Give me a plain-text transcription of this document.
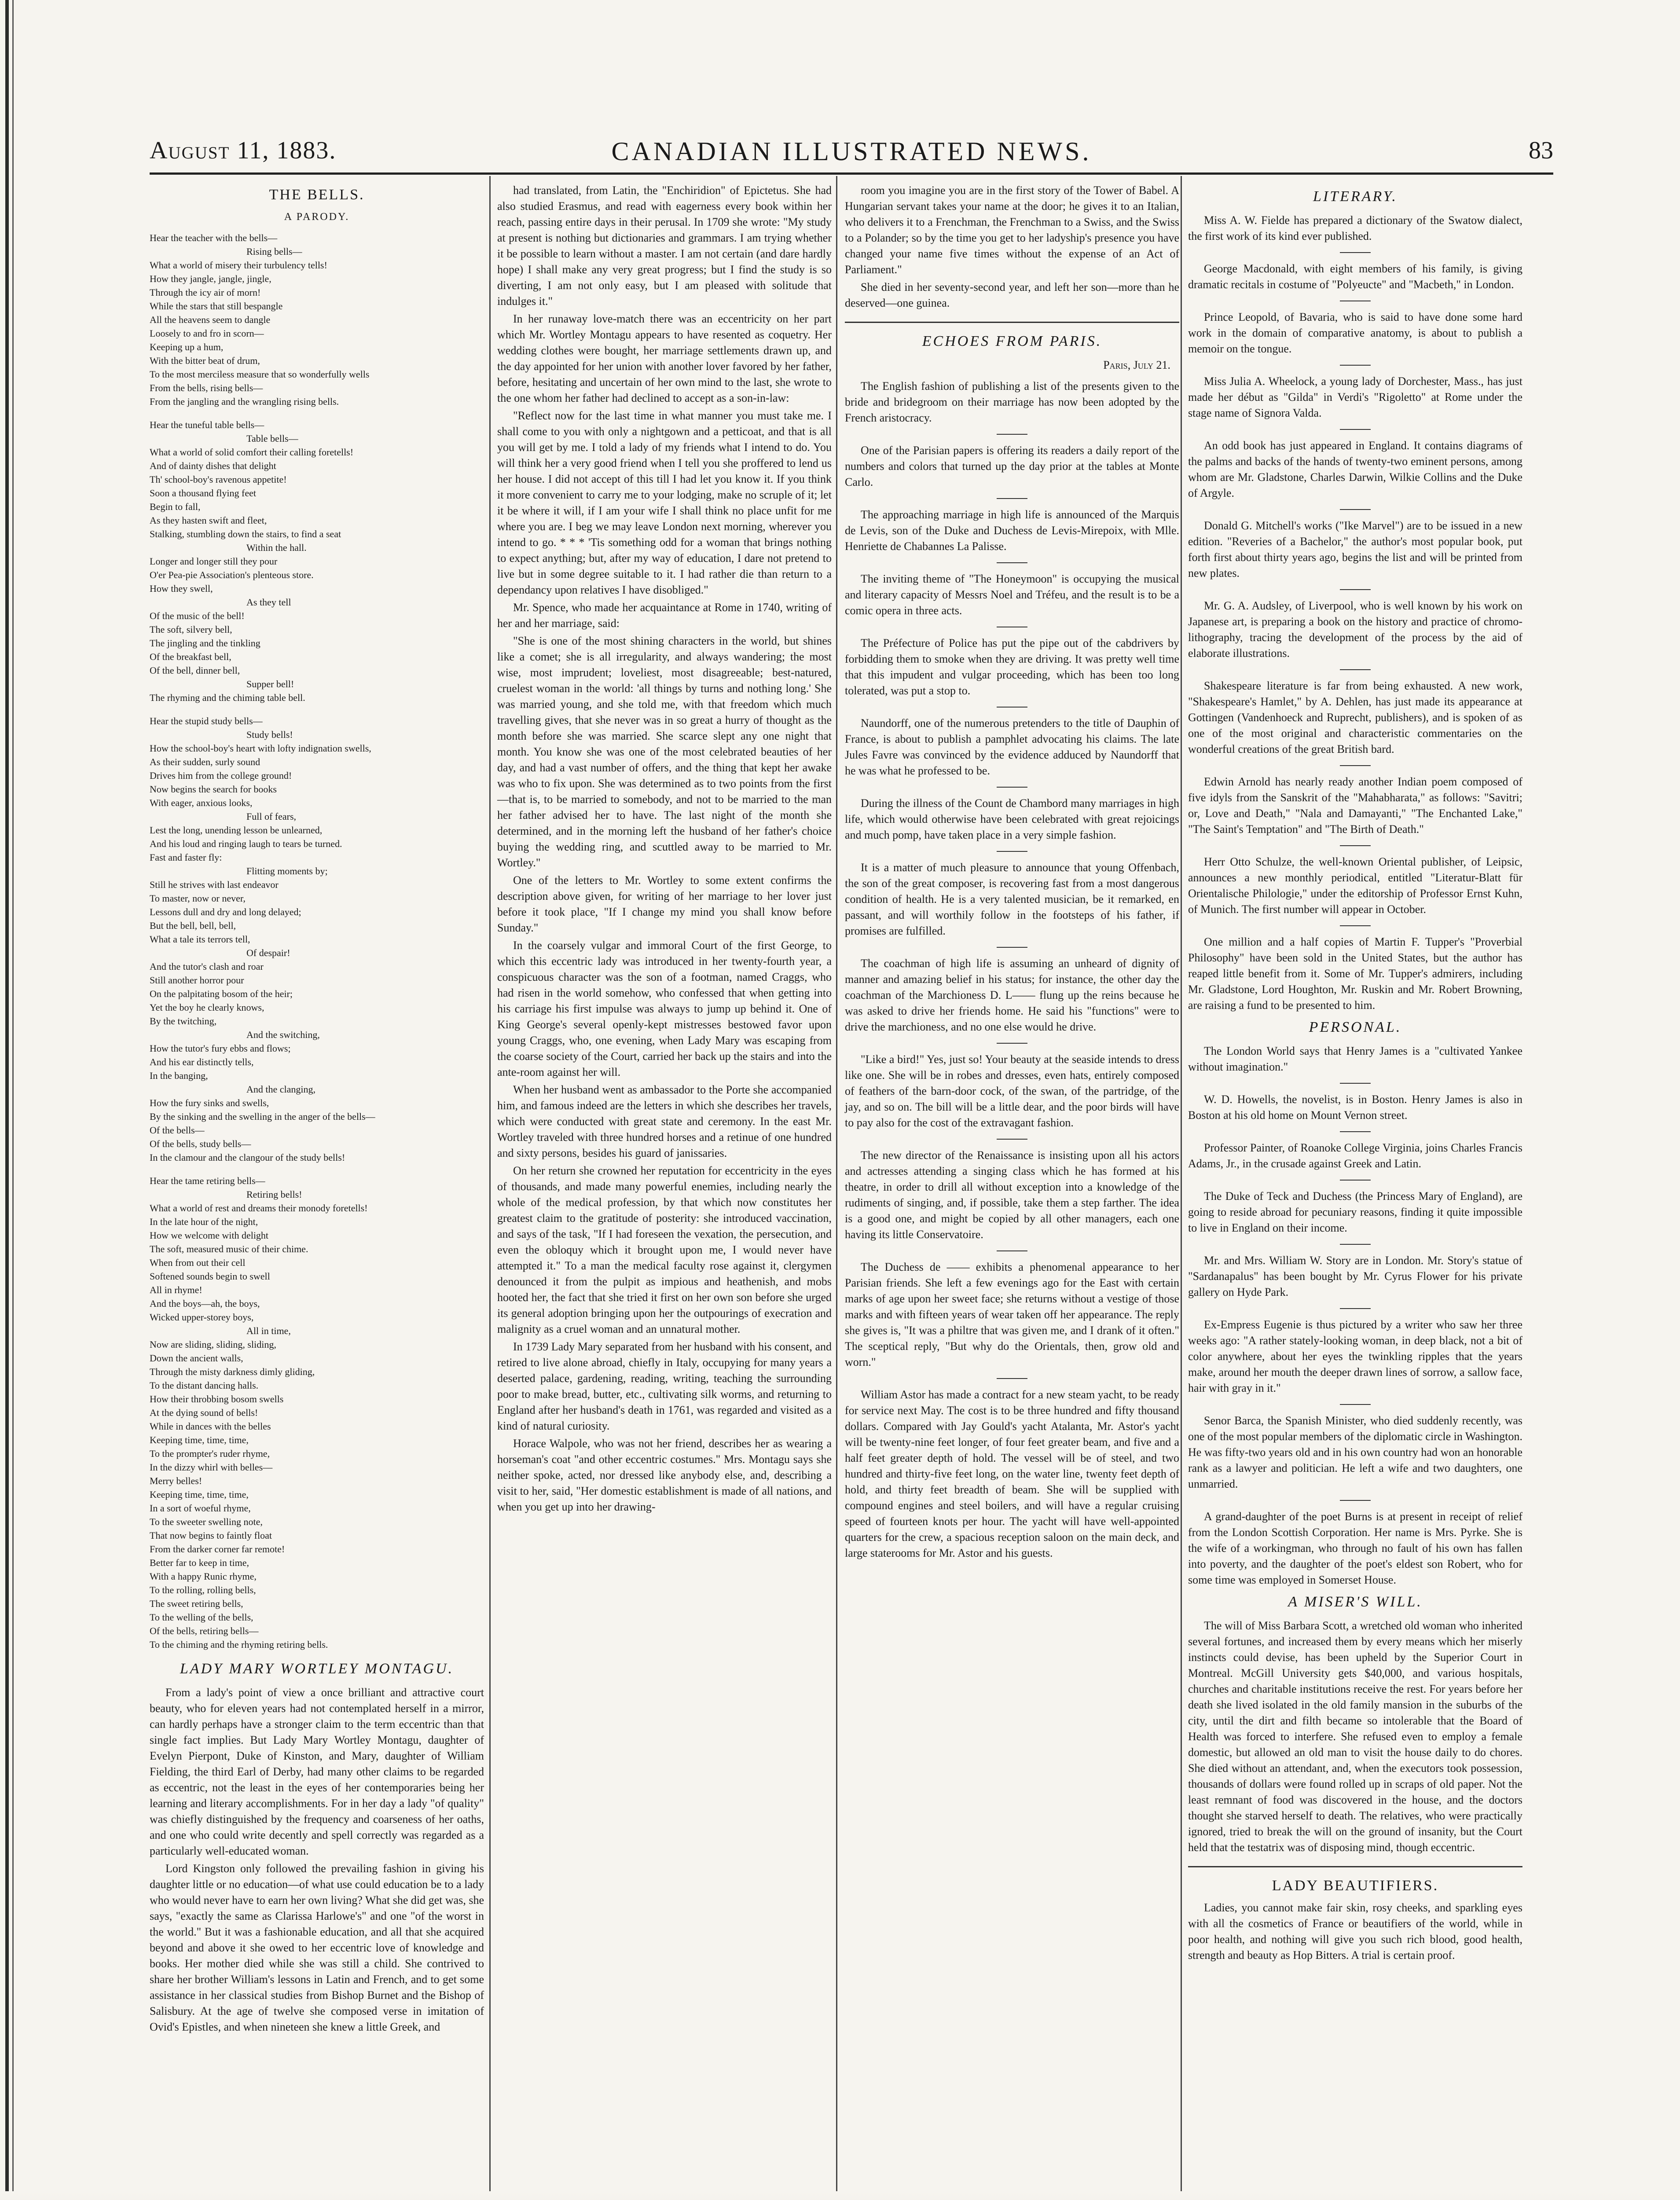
CANADIAN ILLUSTRATED NEWS.
August 11, 1883.	83
THE BELLS.
A PARODY.

Hear the teacher with the bells—

Rising bells—

What a world of misery their turbulency tells!

How they jangle, jangle, jingle,

Through the icy air of morn!

While the stars that still bespangle

All the heavens seem to dangle

Loosely to and fro in scorn—

Keeping up a hum,

With the bitter beat of drum,

To the most merciless measure that so wonderfully wells

From the bells, rising bells—

From the jangling and the wrangling rising bells.

Hear the tuneful table bells—

Table bells—

What a world of solid comfort their calling foretells!

And of dainty dishes that delight

Th' school-boy's ravenous appetite!

Soon a thousand flying feet

Begin to fall,

As they hasten swift and fleet,

Stalking, stumbling down the stairs, to find a seat

Within the hall.

Longer and longer still they pour

O'er Pea-pie Association's plenteous store.

How they swell,

As they tell

Of the music of the bell!

The soft, silvery bell,

The jingling and the tinkling

Of the breakfast bell,

Of the bell, dinner bell,

Supper bell!

The rhyming and the chiming table bell.

Hear the stupid study bells—

Study bells!

How the school-boy's heart with lofty indignation swells,

As their sudden, surly sound

Drives him from the college ground!

Now begins the search for books

With eager, anxious looks,

Full of fears,

Lest the long, unending lesson be unlearned,

And his loud and ringing laugh to tears be turned.

Fast and faster fly:

Flitting moments by;

Still he strives with last endeavor

To master, now or never,

Lessons dull and dry and long delayed;

But the bell, bell, bell,

What a tale its terrors tell,

Of despair!

And the tutor's clash and roar

Still another horror pour

On the palpitating bosom of the heir;

Yet the boy he clearly knows,

By the twitching,

And the switching,

How the tutor's fury ebbs and flows;

And his ear distinctly tells,

In the banging,

And the clanging,

How the fury sinks and swells,

By the sinking and the swelling in the anger of the bells—

Of the bells—

Of the bells, study bells—

In the clamour and the clangour of the study bells!

Hear the tame retiring bells—

Retiring bells!

What a world of rest and dreams their monody foretells!

In the late hour of the night,

How we welcome with delight

The soft, measured music of their chime.

When from out their cell

Softened sounds begin to swell

All in rhyme!

And the boys—ah, the boys,

Wicked upper-storey boys,

All in time,

Now are sliding, sliding, sliding,

Down the ancient walls,

Through the misty darkness dimly gliding,

To the distant dancing halls.

How their throbbing bosom swells

At the dying sound of bells!

While in dances with the belles

Keeping time, time, time,

To the prompter's ruder rhyme,

In the dizzy whirl with belles—

Merry belles!

Keeping time, time, time,

In a sort of woeful rhyme,

To the sweeter swelling note,

That now begins to faintly float

From the darker corner far remote!

Better far to keep in time,

With a happy Runic rhyme,

To the rolling, rolling bells,

The sweet retiring bells,

To the welling of the bells,

Of the bells, retiring bells—

To the chiming and the rhyming retiring bells.

LADY MARY WORTLEY MONTAGU.

From a lady's point of view a once brilliant and attractive court beauty, who for eleven years had not contemplated herself in a mirror, can hardly perhaps have a stronger claim to the term eccentric than that single fact implies. But Lady Mary Wortley Montagu, daughter of Evelyn Pierpont, Duke of Kinston, and Mary, daughter of William Fielding, the third Earl of Derby, had many other claims to be regarded as eccentric, not the least in the eyes of her contemporaries being her learning and literary accomplishments. For in her day a lady "of quality" was chiefly distinguished by the frequency and coarseness of her oaths, and one who could write decently and spell correctly was regarded as a particularly well-educated woman.

Lord Kingston only followed the prevailing fashion in giving his daughter little or no education—of what use could education be to a lady who would never have to earn her own living? What she did get was, she says, "exactly the same as Clarissa Harlowe's" and one "of the worst in the world." But it was a fashionable education, and all that she acquired beyond and above it she owed to her eccentric love of knowledge and books. Her mother died while she was still a child. She contrived to share her brother William's lessons in Latin and French, and to get some assistance in her classical studies from Bishop Burnet and the Bishop of Salisbury. At the age of twelve she composed verse in imitation of Ovid's Epistles, and when nineteen she knew a little Greek, and

had translated, from Latin, the "Enchiridion" of Epictetus. She had also studied Erasmus, and read with eagerness every book within her reach, passing entire days in their perusal. In 1709 she wrote: "My study at present is nothing but dictionaries and grammars. I am trying whether it be possible to learn without a master. I am not certain (and dare hardly hope) I shall make any very great progress; but I find the study is so diverting, I am not only easy, but I am pleased with solitude that indulges it."

In her runaway love-match there was an eccentricity on her part which Mr. Wortley Montagu appears to have resented as coquetry. Her wedding clothes were bought, her marriage settlements drawn up, and the day appointed for her union with another lover favored by her father, before, hesitating and uncertain of her own mind to the last, she wrote to the one whom her father had declined to accept as a son-in-law:

"Reflect now for the last time in what manner you must take me. I shall come to you with only a nightgown and a petticoat, and that is all you will get by me. I told a lady of my friends what I intend to do. You will think her a very good friend when I tell you she proffered to lend us her house. I did not accept of this till I had let you know it. If you think it more convenient to carry me to your lodging, make no scruple of it; let it be where it will, if I am your wife I shall think no place unfit for me where you are. I beg we may leave London next morning, wherever you intend to go. * * * 'Tis something odd for a woman that brings nothing to expect anything; but, after my way of education, I dare not pretend to live but in some degree suitable to it. I had rather die than return to a dependancy upon relatives I have disobliged."

Mr. Spence, who made her acquaintance at Rome in 1740, writing of her and her marriage, said:

"She is one of the most shining characters in the world, but shines like a comet; she is all irregularity, and always wandering; the most wise, most imprudent; loveliest, most disagreeable; best-natured, cruelest woman in the world: 'all things by turns and nothing long.' She was married young, and she told me, with that freedom which much travelling gives, that she never was in so great a hurry of thought as the month before she was married. She scarce slept any one night that month. You know she was one of the most celebrated beauties of her day, and had a vast number of offers, and the thing that kept her awake was who to fix upon. She was determined as to two points from the first—that is, to be married to somebody, and not to be married to the man her father advised her to have. The last night of the month she determined, and in the morning left the husband of her father's choice buying the wedding ring, and scuttled away to be married to Mr. Wortley."

One of the letters to Mr. Wortley to some extent confirms the description above given, for writing of her marriage to her lover just before it took place, "If I change my mind you shall know before Sunday."

In the coarsely vulgar and immoral Court of the first George, to which this eccentric lady was introduced in her twenty-fourth year, a conspicuous character was the son of a footman, named Craggs, who had risen in the world somehow, who confessed that when getting into his carriage his first impulse was always to jump up behind it. One of King George's several openly-kept mistresses bestowed favor upon young Craggs, who, one evening, when Lady Mary was escaping from the coarse society of the Court, carried her back up the stairs and into the ante-room against her will.

When her husband went as ambassador to the Porte she accompanied him, and famous indeed are the letters in which she describes her travels, which were conducted with great state and ceremony. In the east Mr. Wortley traveled with three hundred horses and a retinue of one hundred and sixty persons, besides his guard of janissaries.

On her return she crowned her reputation for eccentricity in the eyes of thousands, and made many powerful enemies, including nearly the whole of the medical profession, by that which now constitutes her greatest claim to the gratitude of posterity: she introduced vaccination, and says of the task, "If I had foreseen the vexation, the persecution, and even the obloquy which it brought upon me, I would never have attempted it." To a man the medical faculty rose against it, clergymen denounced it from the pulpit as impious and heathenish, and mobs hooted her, the fact that she tried it first on her own son before she urged its general adoption bringing upon her the outpourings of execration and malignity as a cruel woman and an unnatural mother.

In 1739 Lady Mary separated from her husband with his consent, and retired to live alone abroad, chiefly in Italy, occupying for many years a deserted palace, gardening, reading, writing, teaching the surrounding poor to make bread, butter, etc., cultivating silk worms, and returning to England after her husband's death in 1761, was regarded and visited as a kind of natural curiosity.

Horace Walpole, who was not her friend, describes her as wearing a horseman's coat "and other eccentric costumes." Mrs. Montagu says she neither spoke, acted, nor dressed like anybody else, and, describing a visit to her, said, "Her domestic establishment is made of all nations, and when you get up into her drawing-

room you imagine you are in the first story of the Tower of Babel. A Hungarian servant takes your name at the door; he gives it to an Italian, who delivers it to a Frenchman, the Frenchman to a Swiss, and the Swiss to a Polander; so by the time you get to her ladyship's presence you have changed your name five times without the expense of an Act of Parliament."

She died in her seventy-second year, and left her son—more than he deserved—one guinea.

ECHOES FROM PARIS.
Paris, July 21.

The English fashion of publishing a list of the presents given to the bride and bridegroom on their marriage has now been adopted by the French aristocracy.

One of the Parisian papers is offering its readers a daily report of the numbers and colors that turned up the day prior at the tables at Monte Carlo.

The approaching marriage in high life is announced of the Marquis de Levis, son of the Duke and Duchess de Levis-Mirepoix, with Mlle. Henriette de Chabannes La Palisse.

The inviting theme of "The Honeymoon" is occupying the musical and literary capacity of Messrs Noel and Tréfeu, and the result is to be a comic opera in three acts.

The Préfecture of Police has put the pipe out of the cabdrivers by forbidding them to smoke when they are driving. It was pretty well time that this impudent and vulgar proceeding, which has been too long tolerated, was put a stop to.

Naundorff, one of the numerous pretenders to the title of Dauphin of France, is about to publish a pamphlet advocating his claims. The late Jules Favre was convinced by the evidence adduced by Naundorff that he was what he professed to be.

During the illness of the Count de Chambord many marriages in high life, which would otherwise have been celebrated with great rejoicings and much pomp, have taken place in a very simple fashion.

It is a matter of much pleasure to announce that young Offenbach, the son of the great composer, is recovering fast from a most dangerous condition of health. He is a very talented musician, be it remarked, en passant, and will worthily follow in the footsteps of his father, if promises are fulfilled.

The coachman of high life is assuming an unheard of dignity of manner and amazing belief in his status; for instance, the other day the coachman of the Marchioness D. L—— flung up the reins because he was asked to drive her friends home. He said his "functions" were to drive the marchioness, and no one else would he drive.

"Like a bird!" Yes, just so! Your beauty at the seaside intends to dress like one. She will be in robes and dresses, even hats, entirely composed of feathers of the barn-door cock, of the swan, of the partridge, of the jay, and so on. The bill will be a little dear, and the poor birds will have to pay also for the cost of the extravagant fashion.

The new director of the Renaissance is insisting upon all his actors and actresses attending a singing class which he has formed at his theatre, in order to drill all without exception into a knowledge of the rudiments of singing, and, if possible, take them a step farther. The idea is a good one, and might be copied by all other managers, each one having its little Conservatoire.

The Duchess de —— exhibits a phenomenal appearance to her Parisian friends. She left a few evenings ago for the East with certain marks of age upon her sweet face; she returns without a vestige of those marks and with fifteen years of wear taken off her appearance. The reply she gives is, "It was a philtre that was given me, and I drank of it often." The sceptical reply, "But why do the Orientals, then, grow old and worn."

William Astor has made a contract for a new steam yacht, to be ready for service next May. The cost is to be three hundred and fifty thousand dollars. Compared with Jay Gould's yacht Atalanta, Mr. Astor's yacht will be twenty-nine feet longer, of four feet greater beam, and five and a half feet greater depth of hold. The vessel will be of steel, and two hundred and thirty-five feet long, on the water line, twenty feet depth of hold, and thirty feet breadth of beam. She will be supplied with compound engines and steel boilers, and will have a regular cruising speed of fourteen knots per hour. The yacht will have well-appointed quarters for the crew, a spacious reception saloon on the main deck, and large staterooms for Mr. Astor and his guests.

LITERARY.

Miss A. W. Fielde has prepared a dictionary of the Swatow dialect, the first work of its kind ever published.

George Macdonald, with eight members of his family, is giving dramatic recitals in costume of "Polyeucte" and "Macbeth," in London.

Prince Leopold, of Bavaria, who is said to have done some hard work in the domain of comparative anatomy, is about to publish a memoir on the tongue.

Miss Julia A. Wheelock, a young lady of Dorchester, Mass., has just made her début as "Gilda" in Verdi's "Rigoletto" at Rome under the stage name of Signora Valda.

An odd book has just appeared in England. It contains diagrams of the palms and backs of the hands of twenty-two eminent persons, among whom are Mr. Gladstone, Charles Darwin, Wilkie Collins and the Duke of Argyle.

Donald G. Mitchell's works ("Ike Marvel") are to be issued in a new edition. "Reveries of a Bachelor," the author's most popular book, put forth first about thirty years ago, begins the list and will be printed from new plates.

Mr. G. A. Audsley, of Liverpool, who is well known by his work on Japanese art, is preparing a book on the history and practice of chromo-lithography, tracing the development of the process by the aid of elaborate illustrations.

Shakespeare literature is far from being exhausted. A new work, "Shakespeare's Hamlet," by A. Dehlen, has just made its appearance at Gottingen (Vandenhoeck and Ruprecht, publishers), and is spoken of as one of the most original and characteristic commentaries on the wonderful creations of the great British bard.

Edwin Arnold has nearly ready another Indian poem composed of five idyls from the Sanskrit of the "Mahabharata," as follows: "Savitri; or, Love and Death," "Nala and Damayanti," "The Enchanted Lake," "The Saint's Temptation" and "The Birth of Death."

Herr Otto Schulze, the well-known Oriental publisher, of Leipsic, announces a new monthly periodical, entitled "Literatur-Blatt für Orientalische Philologie," under the editorship of Professor Ernst Kuhn, of Munich. The first number will appear in October.

One million and a half copies of Martin F. Tupper's "Proverbial Philosophy" have been sold in the United States, but the author has reaped little benefit from it. Some of Mr. Tupper's admirers, including Mr. Gladstone, Lord Houghton, Mr. Ruskin and Mr. Robert Browning, are raising a fund to be presented to him.

PERSONAL.

The London World says that Henry James is a "cultivated Yankee without imagination."

W. D. Howells, the novelist, is in Boston. Henry James is also in Boston at his old home on Mount Vernon street.

Professor Painter, of Roanoke College Virginia, joins Charles Francis Adams, Jr., in the crusade against Greek and Latin.

The Duke of Teck and Duchess (the Princess Mary of England), are going to reside abroad for pecuniary reasons, finding it quite impossible to live in England on their income.

Mr. and Mrs. William W. Story are in London. Mr. Story's statue of "Sardanapalus" has been bought by Mr. Cyrus Flower for his private gallery on Hyde Park.

Ex-Empress Eugenie is thus pictured by a writer who saw her three weeks ago: "A rather stately-looking woman, in deep black, not a bit of color anywhere, about her eyes the twinkling ripples that the years make, around her mouth the deeper drawn lines of sorrow, a sallow face, hair with gray in it."

Senor Barca, the Spanish Minister, who died suddenly recently, was one of the most popular members of the diplomatic circle in Washington. He was fifty-two years old and in his own country had won an honorable rank as a lawyer and politician. He left a wife and two daughters, one unmarried.

A grand-daughter of the poet Burns is at present in receipt of relief from the London Scottish Corporation. Her name is Mrs. Pyrke. She is the wife of a workingman, who through no fault of his own has fallen into poverty, and the daughter of the poet's eldest son Robert, who for some time was employed in Somerset House.

A MISER'S WILL.

The will of Miss Barbara Scott, a wretched old woman who inherited several fortunes, and increased them by every means which her miserly instincts could devise, has been upheld by the Superior Court in Montreal. McGill University gets $40,000, and various hospitals, churches and charitable institutions receive the rest. For years before her death she lived isolated in the old family mansion in the suburbs of the city, until the dirt and filth became so intolerable that the Board of Health was forced to interfere. She refused even to employ a female domestic, but allowed an old man to visit the house daily to do chores. She died without an attendant, and, when the executors took possession, thousands of dollars were found rolled up in scraps of old paper. Not the least remnant of food was discovered in the house, and the doctors thought she starved herself to death. The relatives, who were practically ignored, tried to break the will on the ground of insanity, but the Court held that the testatrix was of disposing mind, though eccentric.

LADY BEAUTIFIERS.

Ladies, you cannot make fair skin, rosy cheeks, and sparkling eyes with all the cosmetics of France or beautifiers of the world, while in poor health, and nothing will give you such rich blood, good health, strength and beauty as Hop Bitters. A trial is certain proof.
